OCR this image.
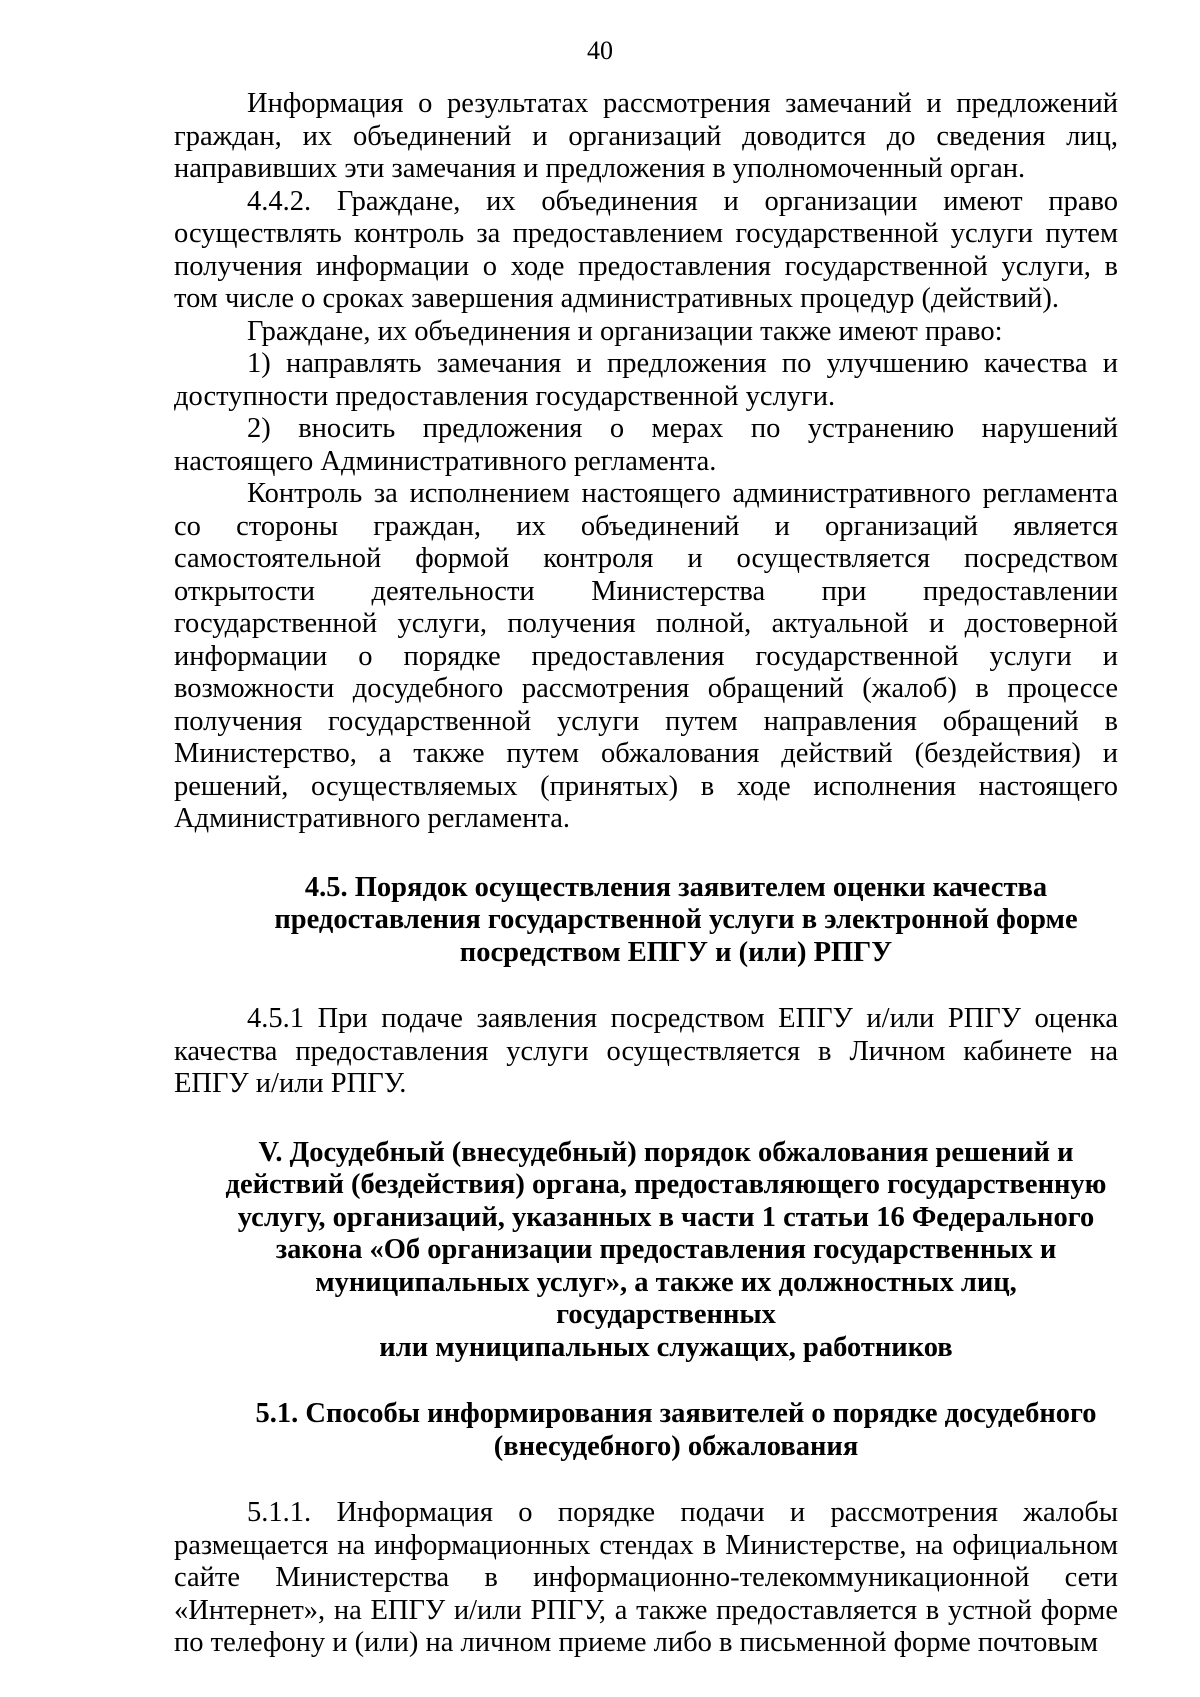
40

Информация о результатах рассмотрения замечаний и предложений граждан, их объединений и организаций доводится до сведения лиц, направивших эти замечания и предложения в уполномоченный орган.

4.4.2. Граждане, их объединения и организации имеют право осуществлять контроль за предоставлением государственной услуги путем получения информации о ходе предоставления государственной услуги, в том числе о сроках завершения административных процедур (действий).

Граждане, их объединения и организации также имеют право:

1) направлять замечания и предложения по улучшению качества и доступности предоставления государственной услуги.

2) вносить предложения о мерах по устранению нарушений настоящего Административного регламента.

Контроль за исполнением настоящего административного регламента со стороны граждан, их объединений и организаций является самостоятельной формой контроля и осуществляется посредством открытости деятельности Министерства при предоставлении государственной услуги, получения полной, актуальной и достоверной информации о порядке предоставления государственной услуги и возможности досудебного рассмотрения обращений (жалоб) в процессе получения государственной услуги путем направления обращений в Министерство, а также путем обжалования действий (бездействия) и решений, осуществляемых (принятых) в ходе исполнения настоящего Административного регламента.

4.5. Порядок осуществления заявителем оценки качества
предоставления государственной услуги в электронной форме
посредством ЕПГУ и (или) РПГУ

4.5.1 При подаче заявления посредством ЕПГУ и/или РПГУ оценка качества предоставления услуги осуществляется в Личном кабинете на ЕПГУ и/или РПГУ.

V. Досудебный (внесудебный) порядок обжалования решений и
действий (бездействия) органа, предоставляющего государственную
услугу, организаций, указанных в части 1 статьи 16 Федерального
закона «Об организации предоставления государственных и
муниципальных услуг», а также их должностных лиц, государственных
или муниципальных служащих, работников
5.1. Способы информирования заявителей о порядке досудебного
(внесудебного) обжалования

5.1.1. Информация о порядке подачи и рассмотрения жалобы размещается на информационных стендах в Министерстве, на официальном сайте Министерства в информационно-телекоммуникационной сети «Интернет», на ЕПГУ и/или РПГУ, а также предоставляется в устной форме по телефону и (или) на личном приеме либо в письменной форме почтовым
